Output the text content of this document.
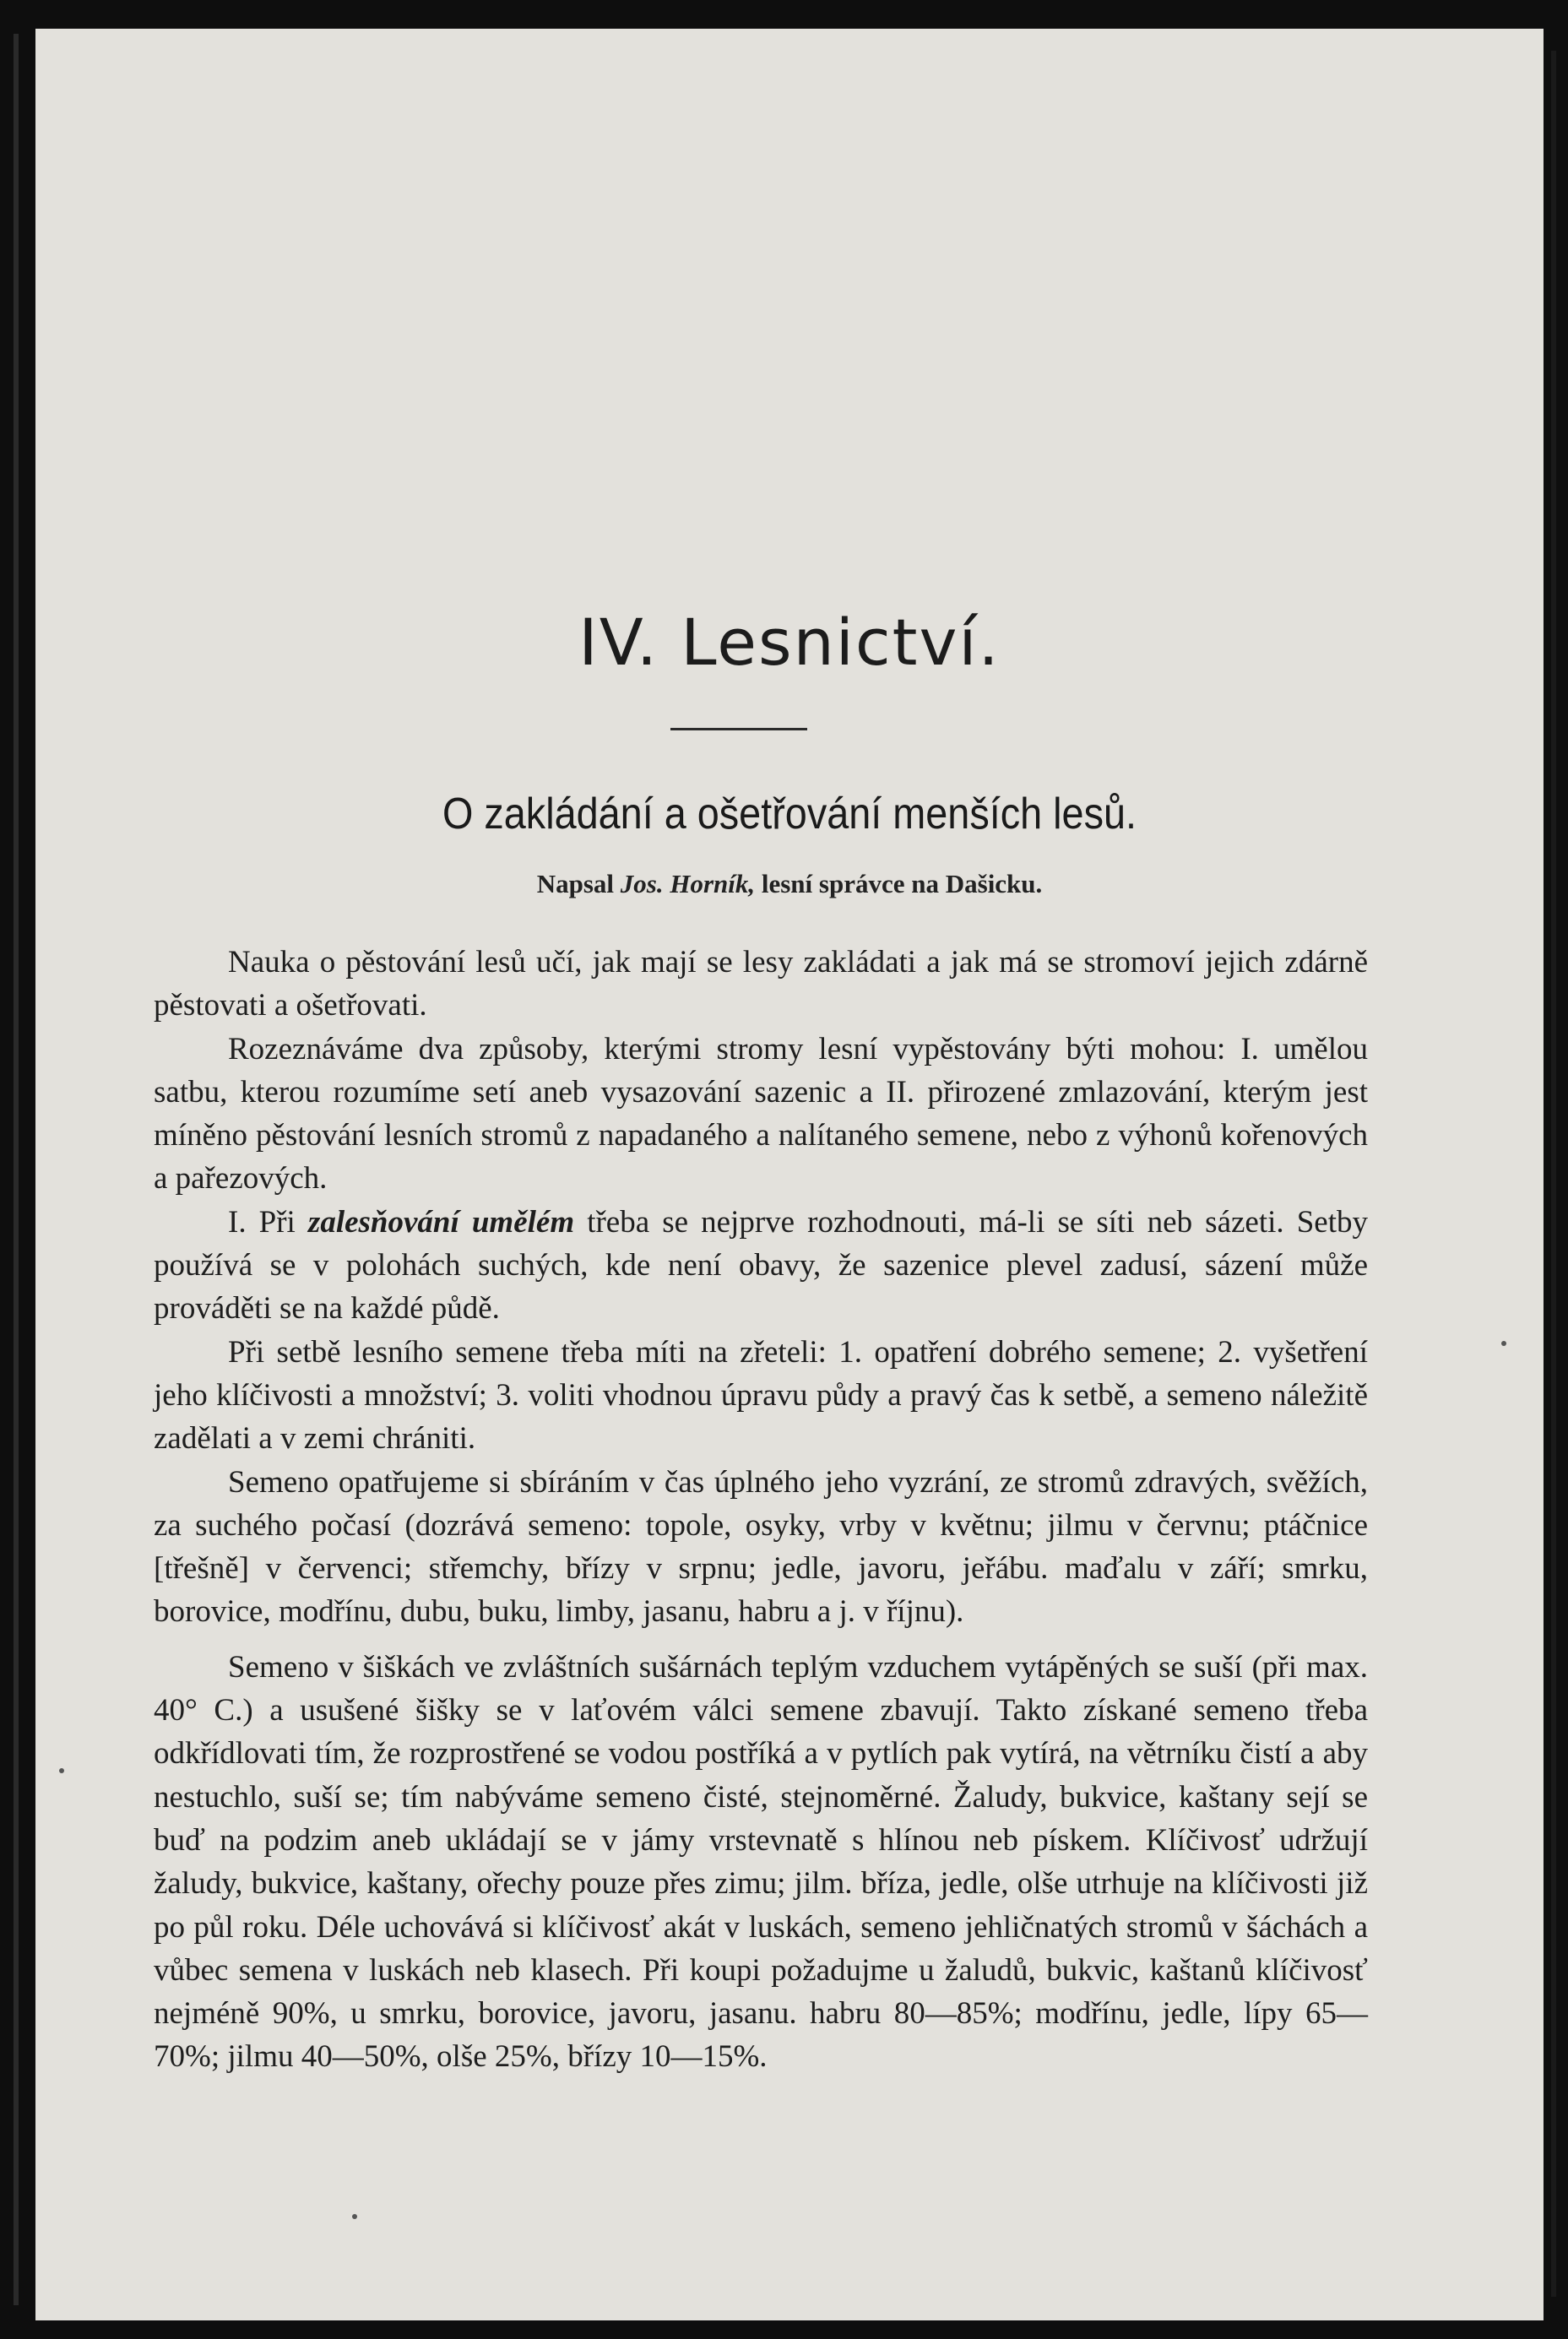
IV. Lesnictví.
O zakládání a ošetřování menších lesů.
Napsal Jos. Horník, lesní správce na Dašicku.

Nauka o pěstování lesů učí, jak mají se lesy zakládati a jak má se stromoví jejich zdárně pěstovati a ošetřovati.

Rozeznáváme dva způsoby, kterými stromy lesní vypěstovány býti mohou: I. umělou satbu, kterou rozumíme setí aneb vysazování sazenic a II. přirozené zmlazování, kterým jest míněno pěstování lesních stromů z napadaného a nalítaného semene, nebo z výhonů kořenových a pařezových.

I. Při zalesňování umělém třeba se nejprve rozhodnouti, má-li se síti neb sázeti. Setby používá se v polohách suchých, kde není obavy, že sazenice plevel zadusí, sázení může prováděti se na každé půdě.

Při setbě lesního semene třeba míti na zřeteli: 1. opatření dobrého semene; 2. vyšetření jeho klíčivosti a množství; 3. voliti vhodnou úpravu půdy a pravý čas k setbě, a semeno náležitě zadělati a v zemi chrániti.

Semeno opatřujeme si sbíráním v čas úplného jeho vyzrání, ze stromů zdravých, svěžích, za suchého počasí (dozrává semeno: topole, osyky, vrby v květnu; jilmu v červnu; ptáčnice [třešně] v červenci; střemchy, břízy v srpnu; jedle, javoru, jeřábu. maďalu v září; smrku, borovice, modřínu, dubu, buku, limby, jasanu, habru a j. v říjnu).

Semeno v šiškách ve zvláštních sušárnách teplým vzduchem vytápěných se suší (při max. 40° C.) a usušené šišky se v laťovém válci semene zbavují. Takto získané semeno třeba odkřídlovati tím, že rozprostřené se vodou postříká a v pytlích pak vytírá, na větrníku čistí a aby nestuchlo, suší se; tím nabýváme semeno čisté, stejnoměrné. Žaludy, bukvice, kaštany sejí se buď na podzim aneb ukládají se v jámy vrstevnatě s hlínou neb pískem. Klíčivosť udržují žaludy, bukvice, kaštany, ořechy pouze přes zimu; jilm. bříza, jedle, olše utrhuje na klíčivosti již po půl roku. Déle uchovává si klíčivosť akát v luskách, semeno jehličnatých stromů v šáchách a vůbec semena v luskách neb klasech. Při koupi požadujme u žaludů, bukvic, kaštanů klíčivosť nejméně 90%, u smrku, borovice, javoru, jasanu. habru 80—85%; modřínu, jedle, lípy 65—70%; jilmu 40—50%, olše 25%, břízy 10—15%.
